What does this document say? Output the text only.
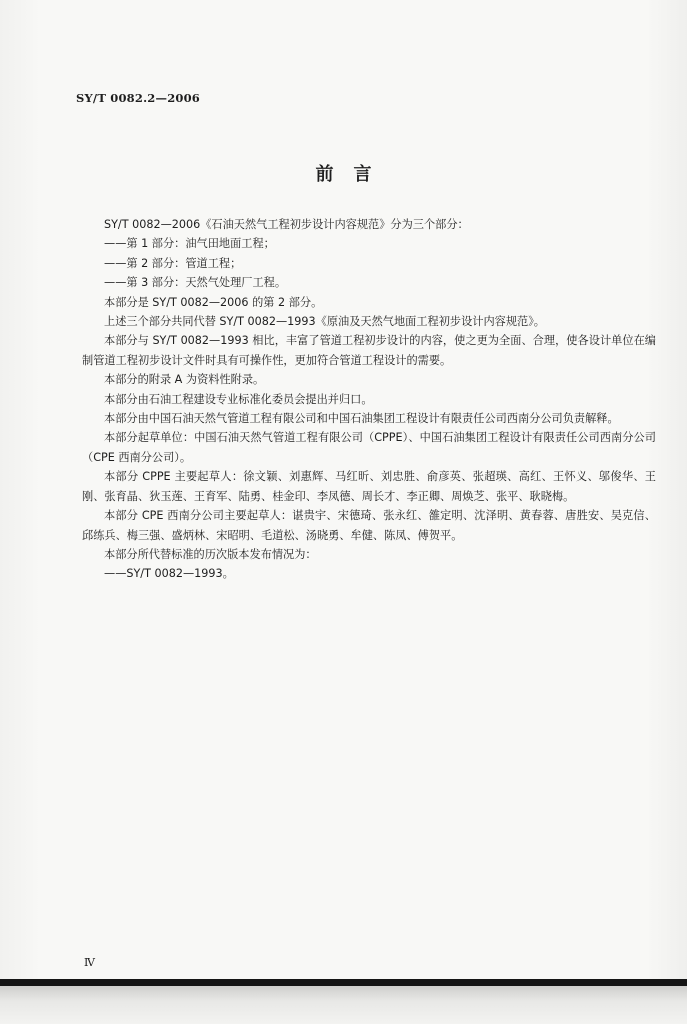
SY/T 0082.2—2006
前言

SY/T 0082—2006《石油天然气工程初步设计内容规范》分为三个部分：

——第 1 部分：油气田地面工程；

——第 2 部分：管道工程；

——第 3 部分：天然气处理厂工程。

本部分是 SY/T 0082—2006 的第 2 部分。

上述三个部分共同代替 SY/T 0082—1993《原油及天然气地面工程初步设计内容规范》。

本部分与 SY/T 0082—1993 相比，丰富了管道工程初步设计的内容，使之更为全面、合理，使各设计单位在编制管道工程初步设计文件时具有可操作性，更加符合管道工程设计的需要。

本部分的附录 A 为资料性附录。

本部分由石油工程建设专业标准化委员会提出并归口。

本部分由中国石油天然气管道工程有限公司和中国石油集团工程设计有限责任公司西南分公司负责解释。

本部分起草单位：中国石油天然气管道工程有限公司（CPPE）、中国石油集团工程设计有限责任公司西南分公司（CPE 西南分公司）。

本部分 CPPE 主要起草人：徐文颖、刘惠辉、马红昕、刘忠胜、俞彦英、张超瑛、高红、王怀义、邬俊华、王刚、张育晶、狄玉莲、王育军、陆勇、桂金印、李凤德、周长才、李正卿、周焕芝、张平、耿晓梅。

本部分 CPE 西南分公司主要起草人：谌贵宇、宋德琦、张永红、雒定明、沈泽明、黄春蓉、唐胜安、吴克信、邱练兵、梅三强、盛炳林、宋昭明、毛道松、汤晓勇、牟健、陈凤、傅贺平。

本部分所代替标准的历次版本发布情况为：

——SY/T 0082—1993。

Ⅳ
